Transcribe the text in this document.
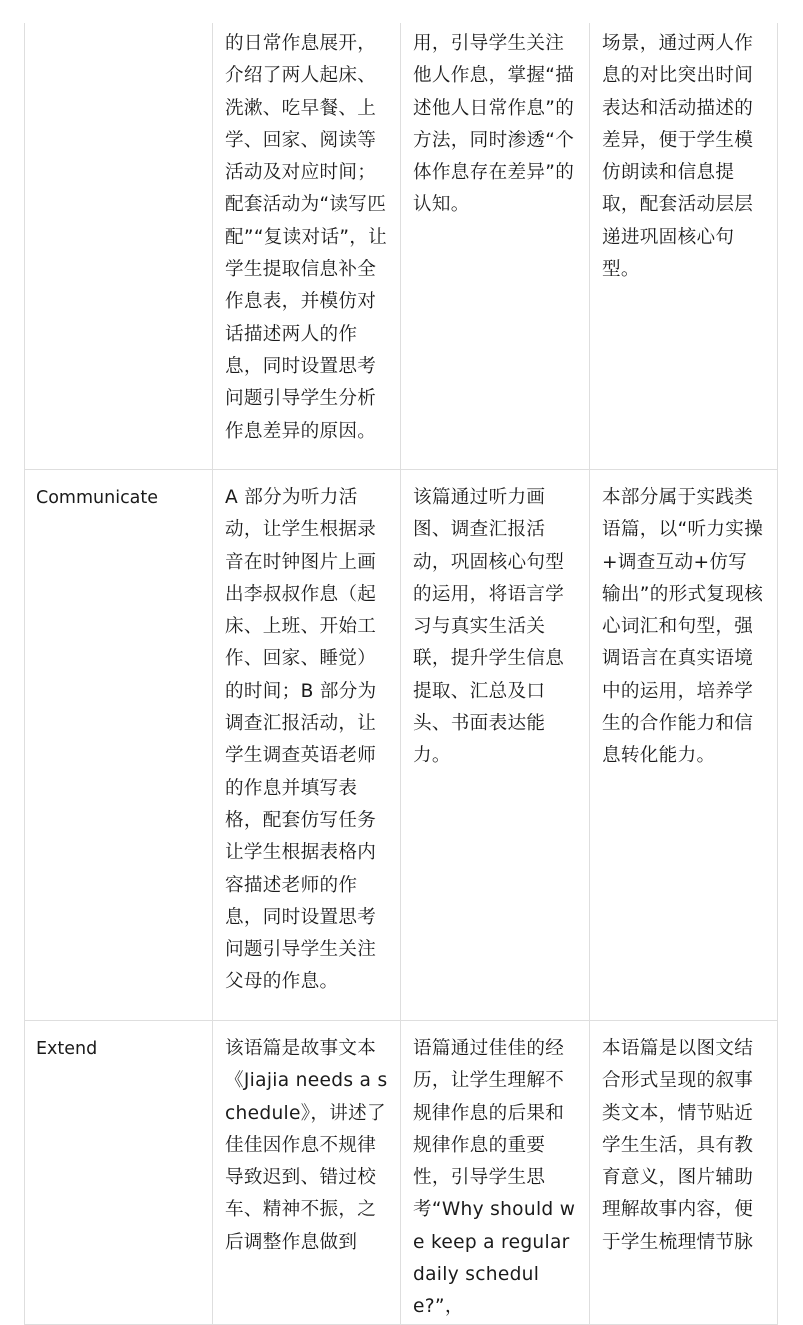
	的日常作息展开，介绍了两人起床、洗漱、吃早餐、上学、回家、阅读等活动及对应时间；配套活动为“读写匹配”“复读对话”，让学生提取信息补全作息表，并模仿对话描述两人的作息，同时设置思考问题引导学生分析作息差异的原因。	用，引导学生关注他人作息，掌握“描述他人日常作息”的方法，同时渗透“个体作息存在差异”的认知。	场景，通过两人作息的对比突出时间表达和活动描述的差异，便于学生模仿朗读和信息提取，配套活动层层递进巩固核心句型。
Communicate	A 部分为听力活动，让学生根据录音在时钟图片上画出李叔叔作息（起床、上班、开始工作、回家、睡觉）的时间；B 部分为调查汇报活动，让学生调查英语老师的作息并填写表格，配套仿写任务让学生根据表格内容描述老师的作息，同时设置思考问题引导学生关注父母的作息。	该篇通过听力画图、调查汇报活动，巩固核心句型的运用，将语言学习与真实生活关联，提升学生信息提取、汇总及口头、书面表达能力。	本部分属于实践类语篇，以“听力实操+调查互动+仿写输出”的形式复现核心词汇和句型，强调语言在真实语境中的运用，培养学生的合作能力和信息转化能力。
Extend	该语篇是故事文本《Jiajia needs a schedule》，讲述了佳佳因作息不规律导致迟到、错过校车、精神不振，之后调整作息做到	语篇通过佳佳的经历，让学生理解不规律作息的后果和规律作息的重要性，引导学生思考“Why should we keep a regular daily schedule?”，	本语篇是以图文结合形式呈现的叙事类文本，情节贴近学生生活，具有教育意义，图片辅助理解故事内容，便于学生梳理情节脉
